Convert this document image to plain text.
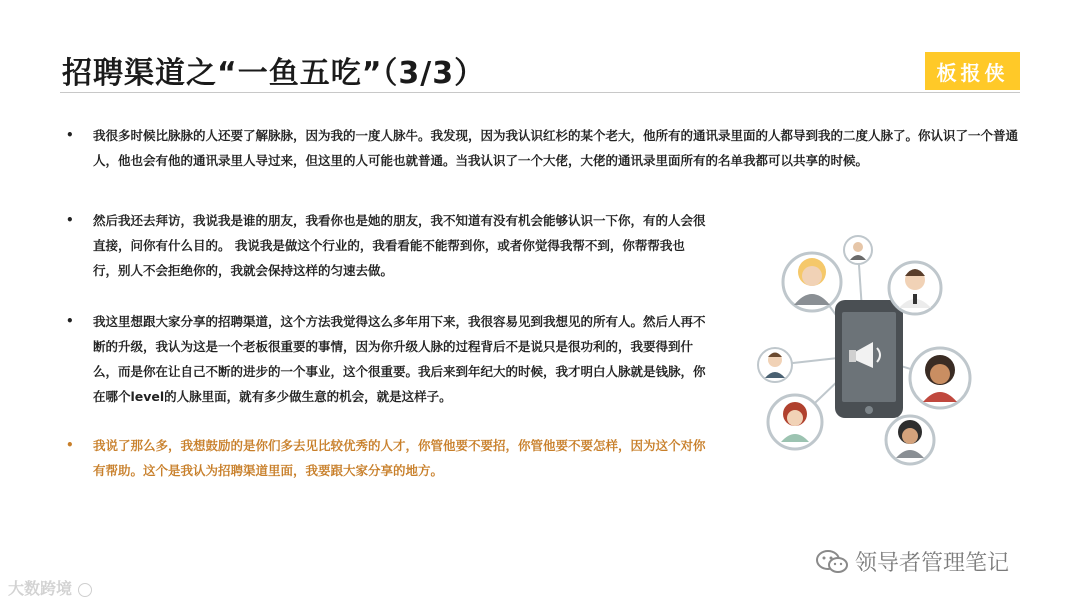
招聘渠道之“一鱼五吃”（3/3）	板报侠
• 我很多时候比脉脉的人还要了解脉脉，因为我的一度人脉牛。我发现，因为我认识红杉的某个老大，他所有的通讯录里面的人都导到我的二度人脉了。你认识了一个普通人，他也会有他的通讯录里人导过来，但这里的人可能也就普通。当我认识了一个大佬，大佬的通讯录里面所有的名单我都可以共享的时候。
• 然后我还去拜访，我说我是谁的朋友，我看你也是她的朋友，我不知道有没有机会能够认识一下你，有的人会很直接，问你有什么目的。 我说我是做这个行业的，我看看能不能帮到你，或者你觉得我帮不到，你帮帮我也行，别人不会拒绝你的，我就会保持这样的匀速去做。
• 我这里想跟大家分享的招聘渠道，这个方法我觉得这么多年用下来，我很容易见到我想见的所有人。然后人再不断的升级，我认为这是一个老板很重要的事情，因为你升级人脉的过程背后不是说只是很功利的，我要得到什么，而是你在让自己不断的进步的一个事业，这个很重要。我后来到年纪大的时候，我才明白人脉就是钱脉，你在哪个level的人脉里面，就有多少做生意的机会，就是这样子。
• 我说了那么多，我想鼓励的是你们多去见比较优秀的人才，你管他要不要招，你管他要不要怎样，因为这个对你有帮助。这个是我认为招聘渠道里面，我要跟大家分享的地方。
领导者管理笔记
大数跨境
